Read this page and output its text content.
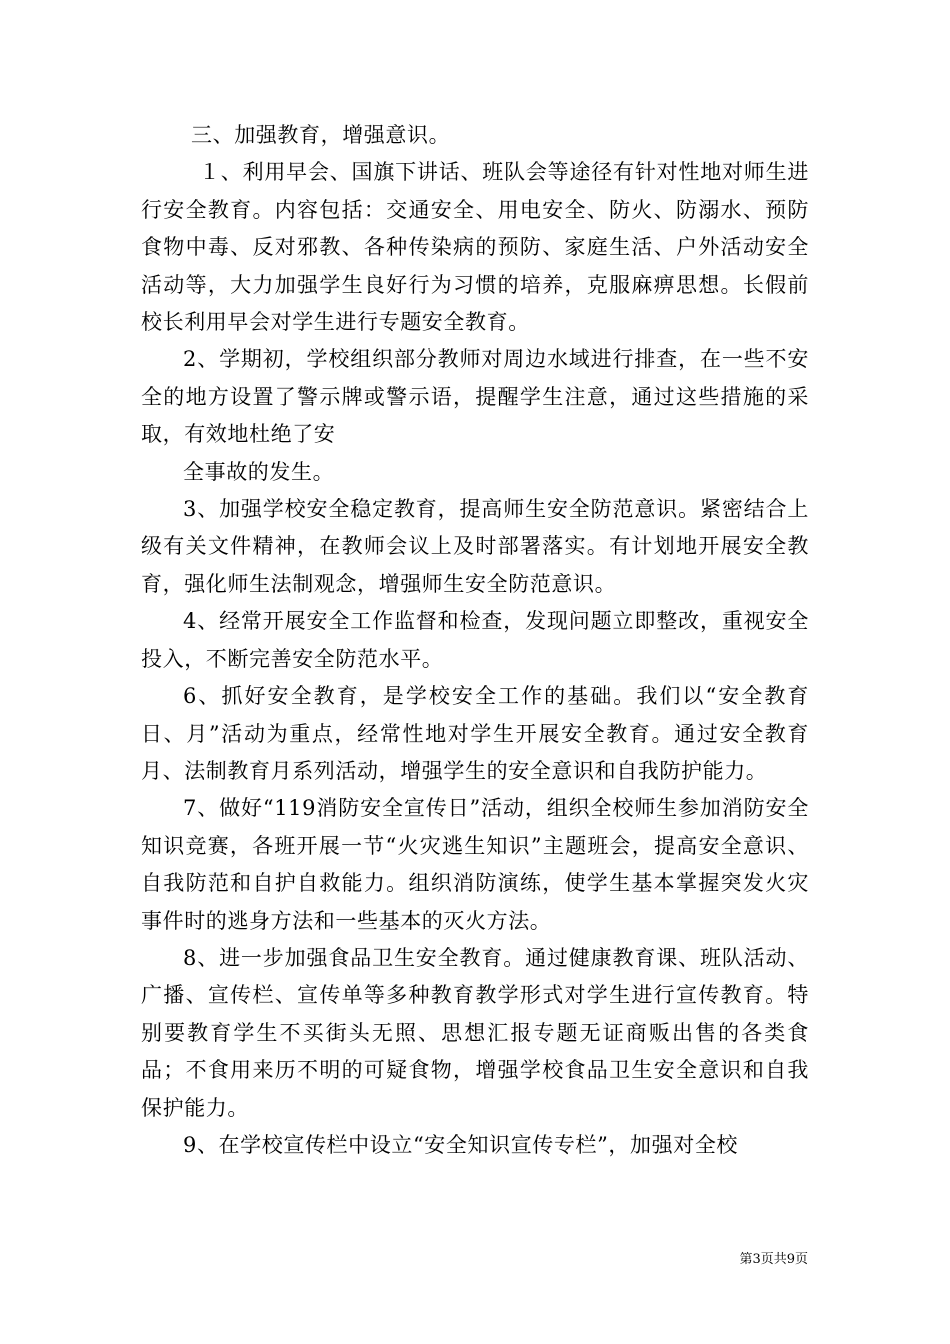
三、加强教育，增强意识。

１、利用早会、国旗下讲话、班队会等途径有针对性地对师生进行安全教育。内容包括：交通安全、用电安全、防火、防溺水、预防食物中毒、反对邪教、各种传染病的预防、家庭生活、户外活动安全活动等，大力加强学生良好行为习惯的培养，克服麻痹思想。长假前校长利用早会对学生进行专题安全教育。

2、学期初，学校组织部分教师对周边水域进行排查，在一些不安全的地方设置了警示牌或警示语，提醒学生注意，通过这些措施的采取，有效地杜绝了安

全事故的发生。

3、加强学校安全稳定教育，提高师生安全防范意识。紧密结合上级有关文件精神，在教师会议上及时部署落实。有计划地开展安全教育，强化师生法制观念，增强师生安全防范意识。

4、经常开展安全工作监督和检查，发现问题立即整改，重视安全投入，不断完善安全防范水平。

6、抓好安全教育，是学校安全工作的基础。我们以“安全教育日、月”活动为重点，经常性地对学生开展安全教育。通过安全教育月、法制教育月系列活动，增强学生的安全意识和自我防护能力。

7、做好“119消防安全宣传日”活动，组织全校师生参加消防安全知识竞赛，各班开展一节“火灾逃生知识”主题班会，提高安全意识、自我防范和自护自救能力。组织消防演练，使学生基本掌握突发火灾事件时的逃身方法和一些基本的灭火方法。

8、进一步加强食品卫生安全教育。通过健康教育课、班队活动、广播、宣传栏、宣传单等多种教育教学形式对学生进行宣传教育。特别要教育学生不买街头无照、思想汇报专题无证商贩出售的各类食品；不食用来历不明的可疑食物，增强学校食品卫生安全意识和自我保护能力。

9、在学校宣传栏中设立“安全知识宣传专栏”，加强对全校

第3页共9页
